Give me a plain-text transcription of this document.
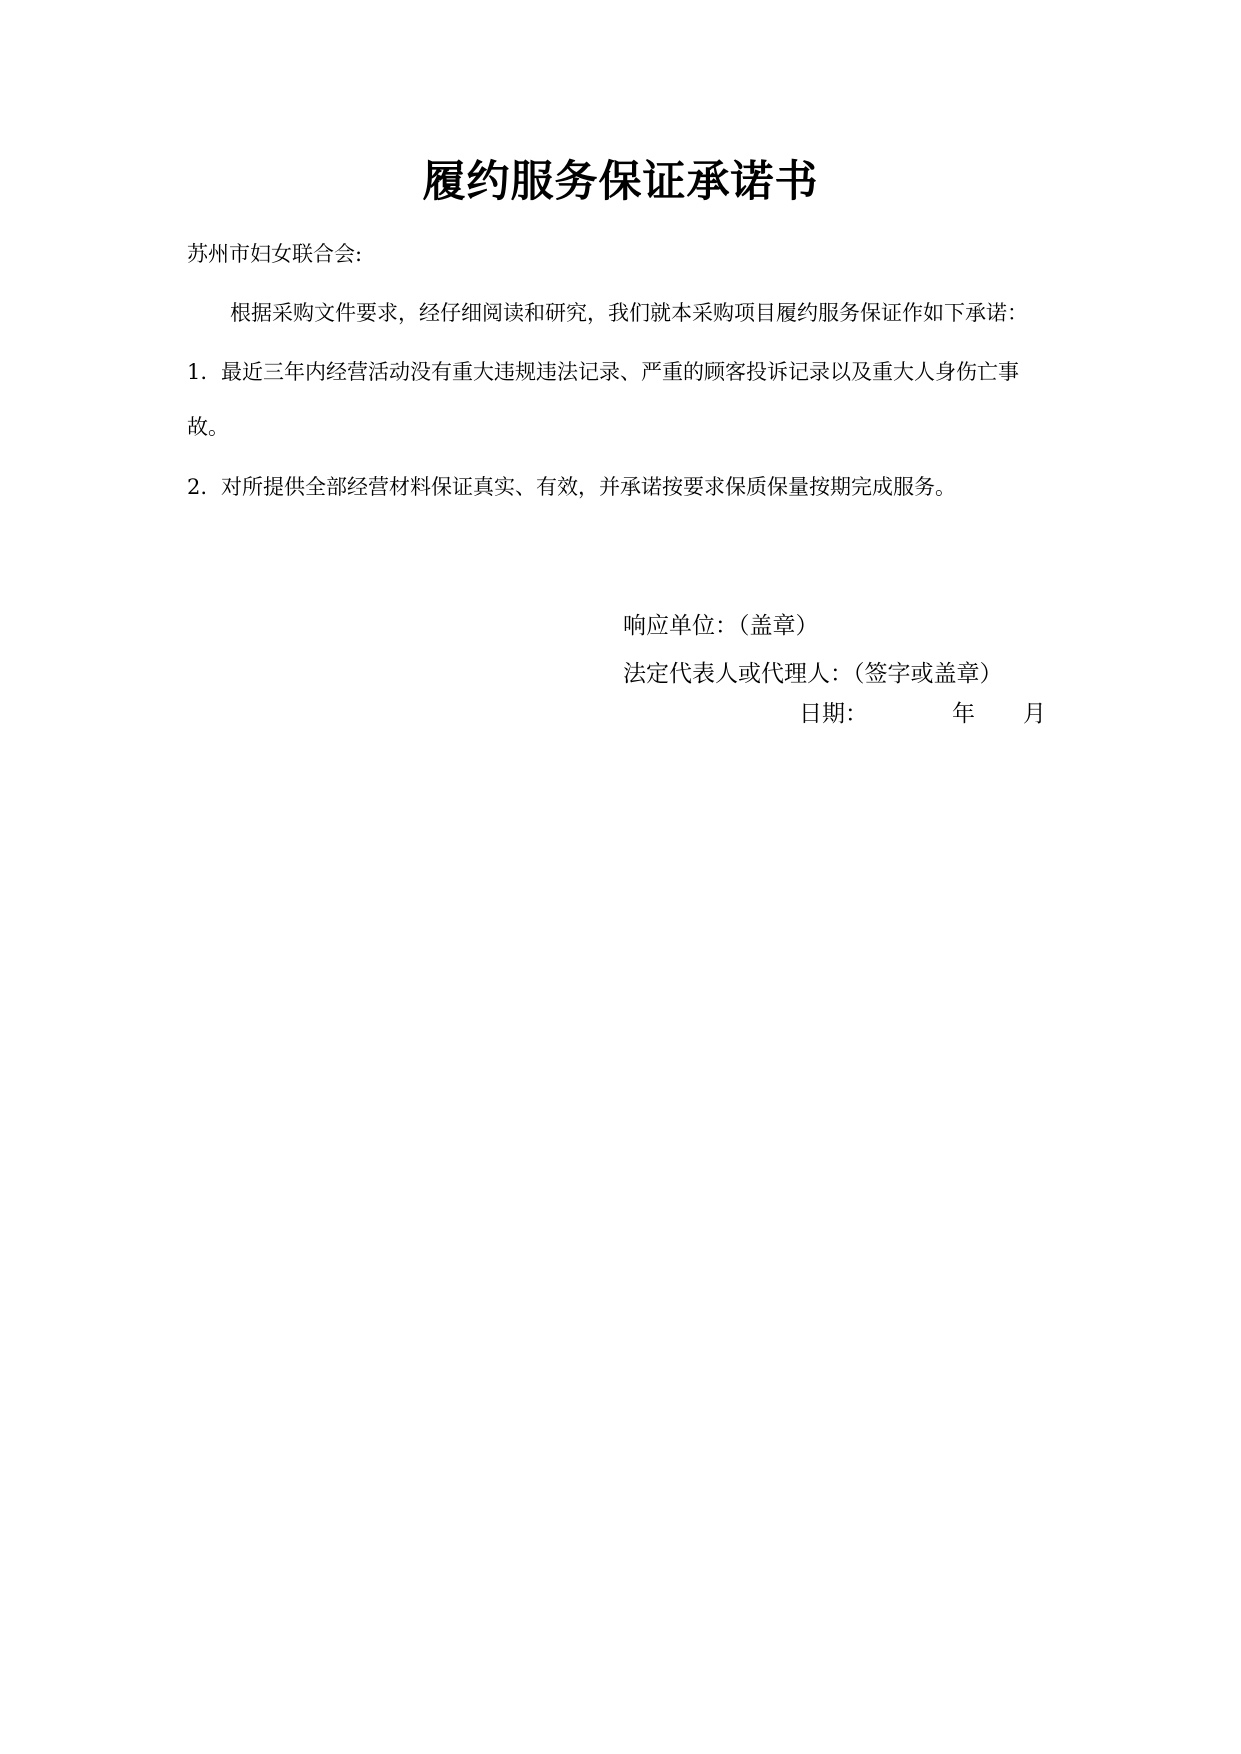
履约服务保证承诺书
苏州市妇女联合会:
根据采购文件要求，经仔细阅读和研究，我们就本采购项目履约服务保证作如下承诺：
1. 最近三年内经营活动没有重大违规违法记录、严重的顾客投诉记录以及重大人身伤亡事
故。
2. 对所提供全部经营材料保证真实、有效，并承诺按要求保质保量按期完成服务。
响应单位：（盖章）
法定代表人或代理人：（签字或盖章）
日期：	年 月
